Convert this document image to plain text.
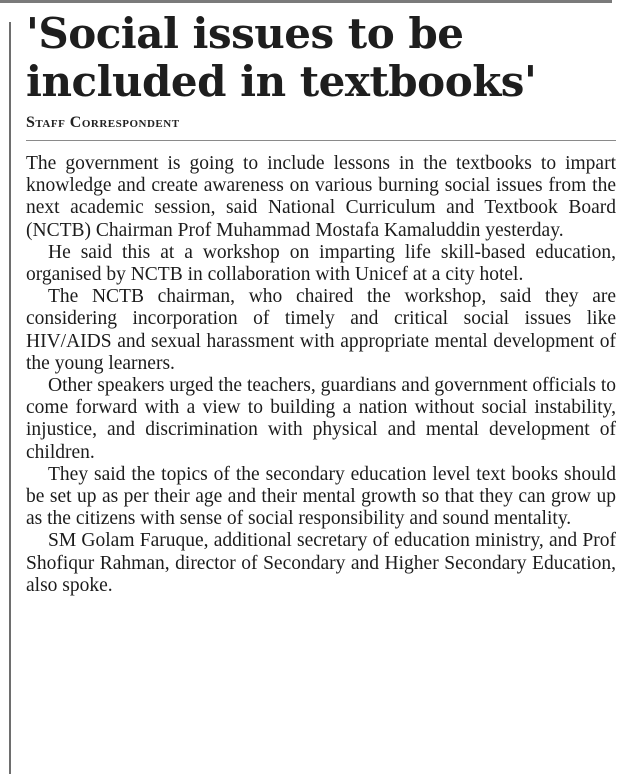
'Social issues to be included in textbooks'
Staff Correspondent

The government is going to include lessons in the textbooks to impart knowledge and create awareness on various burning social issues from the next academic session, said National Curriculum and Textbook Board (NCTB) Chairman Prof Muhammad Mostafa Kamaluddin yesterday.

He said this at a workshop on imparting life skill-based education, organised by NCTB in collaboration with Unicef at a city hotel.

The NCTB chairman, who chaired the workshop, said they are considering incorporation of timely and critical social issues like HIV/AIDS and sexual harassment with appropriate mental development of the young learners.

Other speakers urged the teachers, guardians and government officials to come forward with a view to building a nation without social instability, injustice, and discrimination with physical and mental development of children.

They said the topics of the secondary education level text books should be set up as per their age and their mental growth so that they can grow up as the citizens with sense of social responsibility and sound mentality.

SM Golam Faruque, additional secretary of education ministry, and Prof Shofiqur Rahman, director of Secondary and Higher Secondary Education, also spoke.
